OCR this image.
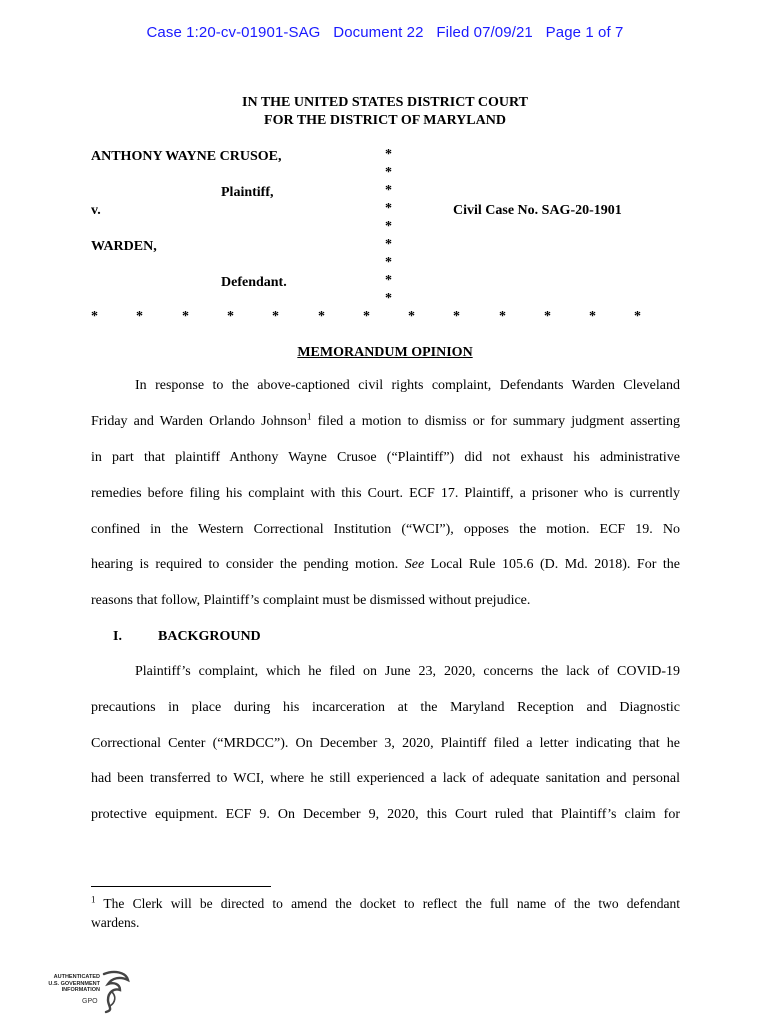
Case 1:20-cv-01901-SAG   Document 22   Filed 07/09/21   Page 1 of 7
IN THE UNITED STATES DISTRICT COURT
FOR THE DISTRICT OF MARYLAND
ANTHONY WAYNE CRUSOE,
Plaintiff,
v.
WARDEN,
Defendant.
Civil Case No. SAG-20-1901
*
*
*
*
*
*
*
*
*
*	*	*	*	*	*	*	*	*	*	*	*	*
MEMORANDUM OPINION
In response to the above-captioned civil rights complaint, Defendants Warden Cleveland
Friday and Warden Orlando Johnson$^1$ filed a motion to dismiss or for summary judgment asserting
in part that plaintiff Anthony Wayne Crusoe (“Plaintiff”) did not exhaust his administrative
remedies before filing his complaint with this Court. ECF 17. Plaintiff, a prisoner who is currently
confined in the Western Correctional Institution (“WCI”), opposes the motion. ECF 19. No
hearing is required to consider the pending motion. See Local Rule 105.6 (D. Md. 2018). For the
reasons that follow, Plaintiff’s complaint must be dismissed without prejudice.
I.	BACKGROUND
Plaintiff’s complaint, which he filed on June 23, 2020, concerns the lack of COVID-19
precautions in place during his incarceration at the Maryland Reception and Diagnostic
Correctional Center (“MRDCC”). On December 3, 2020, Plaintiff filed a letter indicating that he
had been transferred to WCI, where he still experienced a lack of adequate sanitation and personal
protective equipment. ECF 9. On December 9, 2020, this Court ruled that Plaintiff’s claim for
$^1$ The Clerk will be directed to amend the docket to reflect the full name of the two defendant
wardens.
AUTHENTICATED
U.S. GOVERNMENT
INFORMATION
GPO
